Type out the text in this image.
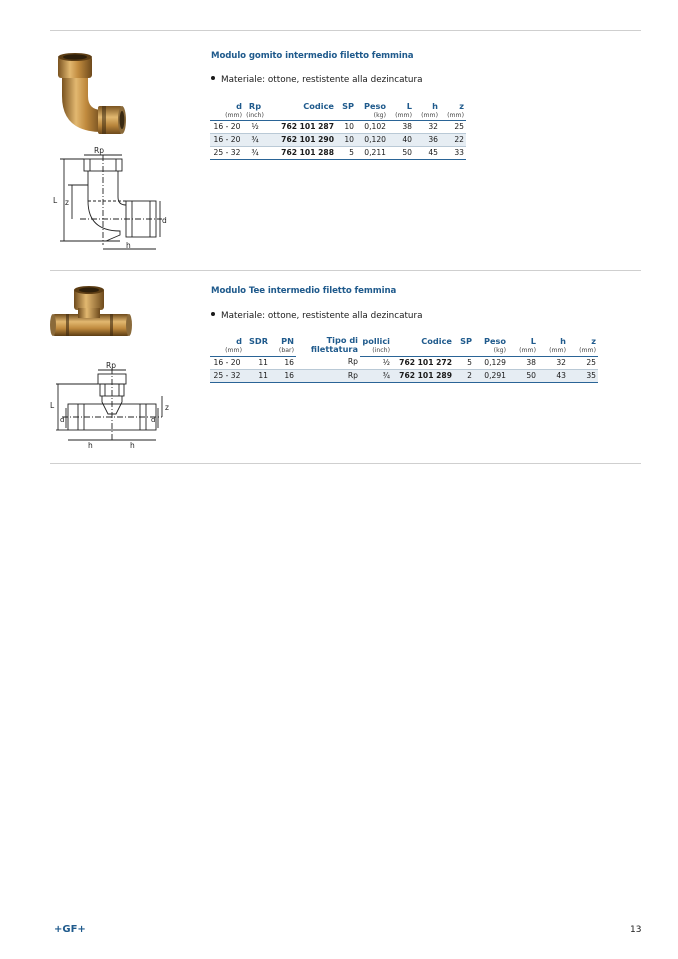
Rp
L z
d
h
Modulo gomito intermedio filetto femmina
Materiale: ottone, restistente alla dezincatura
d	Rp	Codice	SP	Peso	L	h	z
(mm)	(inch)			(kg)	(mm)	(mm)	(mm)
16 - 20	½	762 101 287	10	0,102	38	32	25
16 - 20	¾	762 101 290	10	0,120	40	36	22
25 - 32	¾	762 101 288	5	0,211	50	45	33
Rp
L
d	d
z
h	h
Modulo Tee intermedio filetto femmina
Materiale: ottone, restistente alla dezincatura
d	SDR	PN	Tipo di filettatura	pollici	Codice	SP	Peso	L	h	z
(mm)		(bar)		(inch)			(kg)	(mm)	(mm)	(mm)
16 - 20	11	16	Rp	½	762 101 272	5	0,129	38	32	25
25 - 32	11	16	Rp	¾	762 101 289	2	0,291	50	43	35
+GF+	13
